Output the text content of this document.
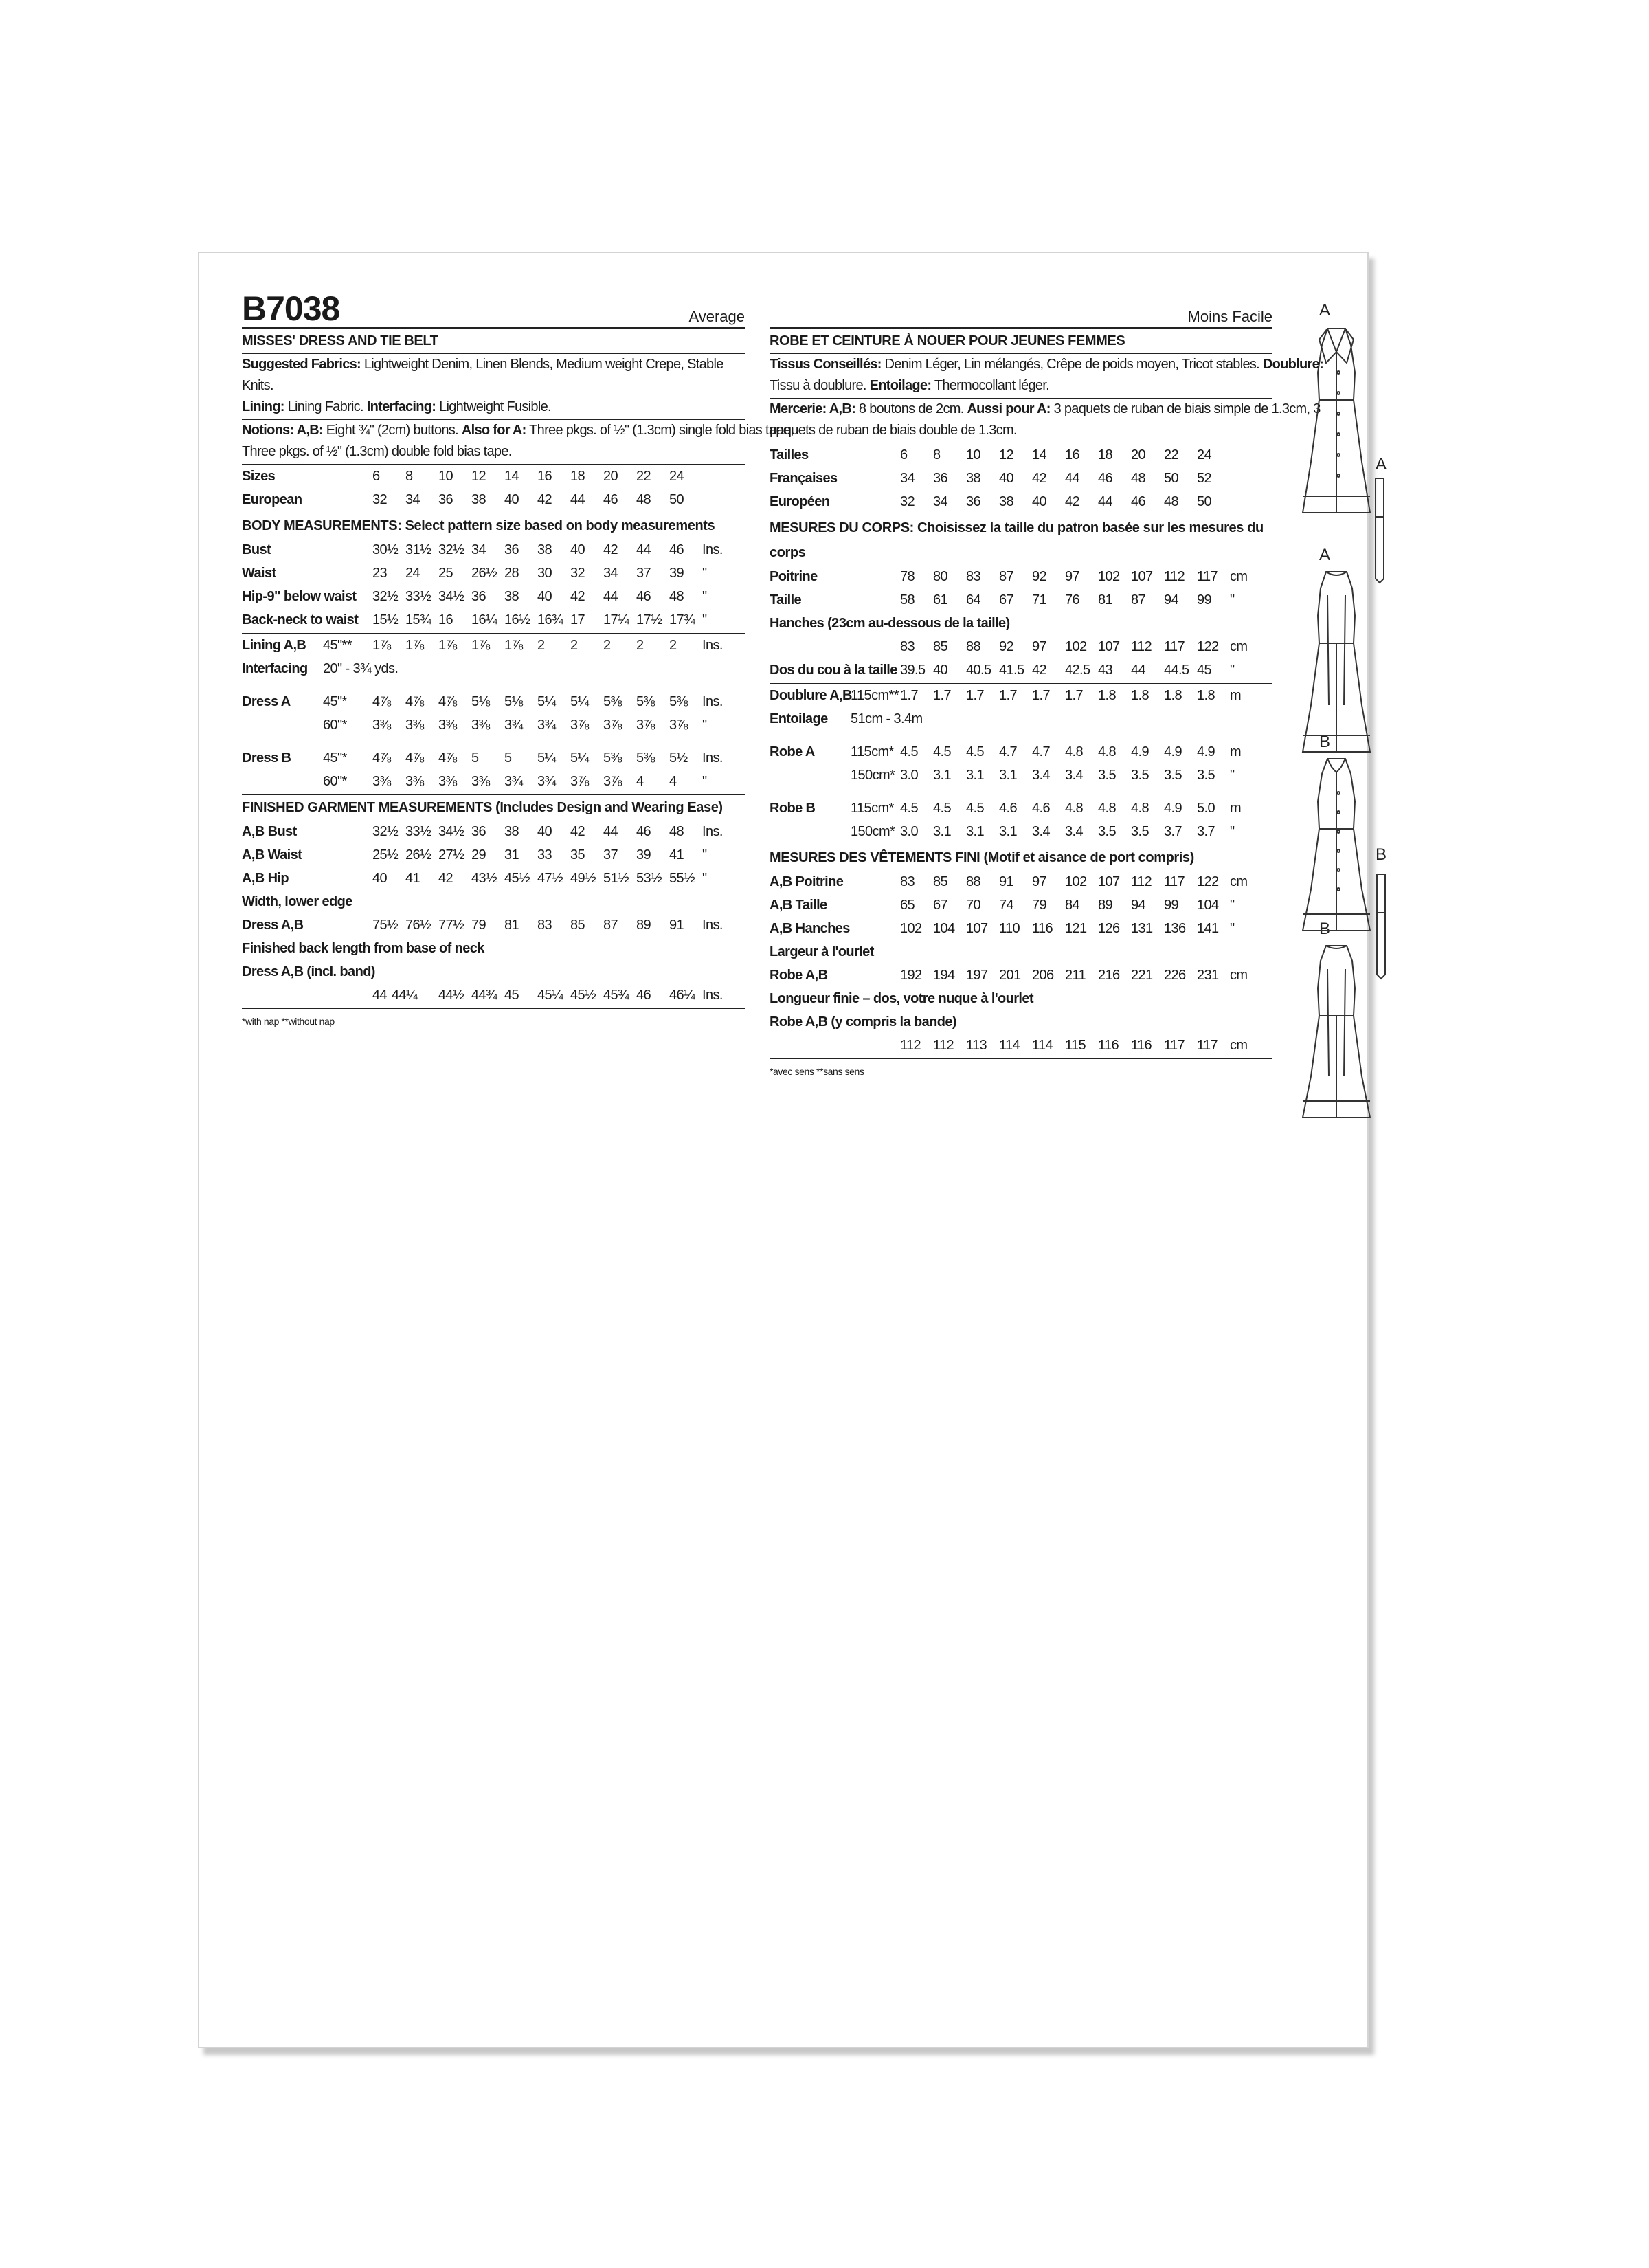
B7038	Average
MISSES' DRESS AND TIE BELT
Suggested Fabrics: Lightweight Denim, Linen Blends, Medium weight Crepe, Stable Knits.
Lining: Lining Fabric. Interfacing: Lightweight Fusible.
Notions: A,B: Eight ¾" (2cm) buttons. Also for A: Three pkgs. of ½" (1.3cm) single fold bias tape,
Three pkgs. of ½" (1.3cm) double fold bias tape.
Sizes	6 8 10 12 14 16 18 20 22 24
European	32 34 36 38 40 42 44 46 48 50
BODY MEASUREMENTS: Select pattern size based on body measurements
Bust	30½ 31½ 32½ 34 36 38 40 42 44 46 Ins.
Waist	23 24 25 26½ 28 30 32 34 37 39 "
Hip-9" below waist 32½ 33½ 34½ 36 38 40 42 44 46 48 "
Back-neck to waist 15½ 15¾ 16 16¼ 16½ 16¾ 17 17¼ 17½ 17¾ "
Lining A,B 45"** 1⅞ 1⅞ 1⅞ 1⅞ 1⅞ 2 2 2 2 2 Ins.
Interfacing 20" - 3¾ yds.
Dress A 45"* 4⅞ 4⅞ 4⅞ 5⅛ 5⅛ 5¼ 5¼ 5⅜ 5⅜ 5⅜ Ins.
60"* 3⅜ 3⅜ 3⅜ 3⅜ 3¾ 3¾ 3⅞ 3⅞ 3⅞ 3⅞ "
Dress B 45"* 4⅞ 4⅞ 4⅞ 5 5 5¼ 5¼ 5⅜ 5⅜ 5½ Ins.
60"* 3⅜ 3⅜ 3⅜ 3⅜ 3¾ 3¾ 3⅞ 3⅞ 4 4 "
FINISHED GARMENT MEASUREMENTS (Includes Design and Wearing Ease)
A,B Bust	32½ 33½ 34½ 36 38 40 42 44 46 48 Ins.
A,B Waist	25½ 26½ 27½ 29 31 33 35 37 39 41 "
A,B Hip	40 41 42 43½ 45½ 47½ 49½ 51½ 53½ 55½ "
Width, lower edge
Dress A,B	75½ 76½ 77½ 79 81 83 85 87 89 91 Ins.
Finished back length from base of neck
Dress A,B (incl. band)
44 44¼ 44½ 44¾ 45 45¼ 45½ 45¾ 46 46¼ Ins.
*with nap **without nap
Moins Facile
ROBE ET CEINTURE À NOUER POUR JEUNES FEMMES
Tissus Conseillés: Denim Léger, Lin mélangés, Crêpe de poids moyen, Tricot stables. Doublure:
Tissu à doublure. Entoilage: Thermocollant léger.
Mercerie: A,B: 8 boutons de 2cm. Aussi pour A: 3 paquets de ruban de biais simple de 1.3cm, 3
paquets de ruban de biais double de 1.3cm.
Tailles	6 8 10 12 14 16 18 20 22 24
Françaises	34 36 38 40 42 44 46 48 50 52
Européen	32 34 36 38 40 42 44 46 48 50
MESURES DU CORPS: Choisissez la taille du patron basée sur les mesures du corps
Poitrine	78 80 83 87 92 97 102 107 112 117 cm
Taille	58 61 64 67 71 76 81 87 94 99 "
Hanches (23cm au-dessous de la taille)
83 85 88 92 97 102 107 112 117 122 cm
Dos du cou à la taille 39.5 40 40.5 41.5 42 42.5 43 44 44.5 45 "
Doublure A,B
115cm** 1.7 1.7 1.7 1.7 1.7 1.7 1.8 1.8 1.8 1.8 m
Entoilage 51cm - 3.4m
Robe A	115cm* 4.5 4.5 4.5 4.7 4.7 4.8 4.8 4.9 4.9 4.9 m
150cm* 3.0 3.1 3.1 3.1 3.4 3.4 3.5 3.5 3.5 3.5 "
Robe B	115cm* 4.5 4.5 4.5 4.6 4.6 4.8 4.8 4.8 4.9 5.0 m
150cm* 3.0 3.1 3.1 3.1 3.4 3.4 3.5 3.5 3.7 3.7 "
MESURES DES VÊTEMENTS FINI (Motif et aisance de port compris)
A,B Poitrine	83 85 88 91 97 102 107 112 117 122 cm
A,B Taille	65 67 70 74 79 84 89 94 99 104 "
A,B Hanches	102 104 107 110 116 121 126 131 136 141 "
Largeur à l'ourlet
Robe A,B	192 194 197 201 206 211 216 221 226 231 cm
Longueur finie – dos, votre nuque à l'ourlet
Robe A,B (y compris la bande)
112 112 113 114 114 115 116 116 117 117 cm
*avec sens **sans sens
A
A
A
B
B
B
